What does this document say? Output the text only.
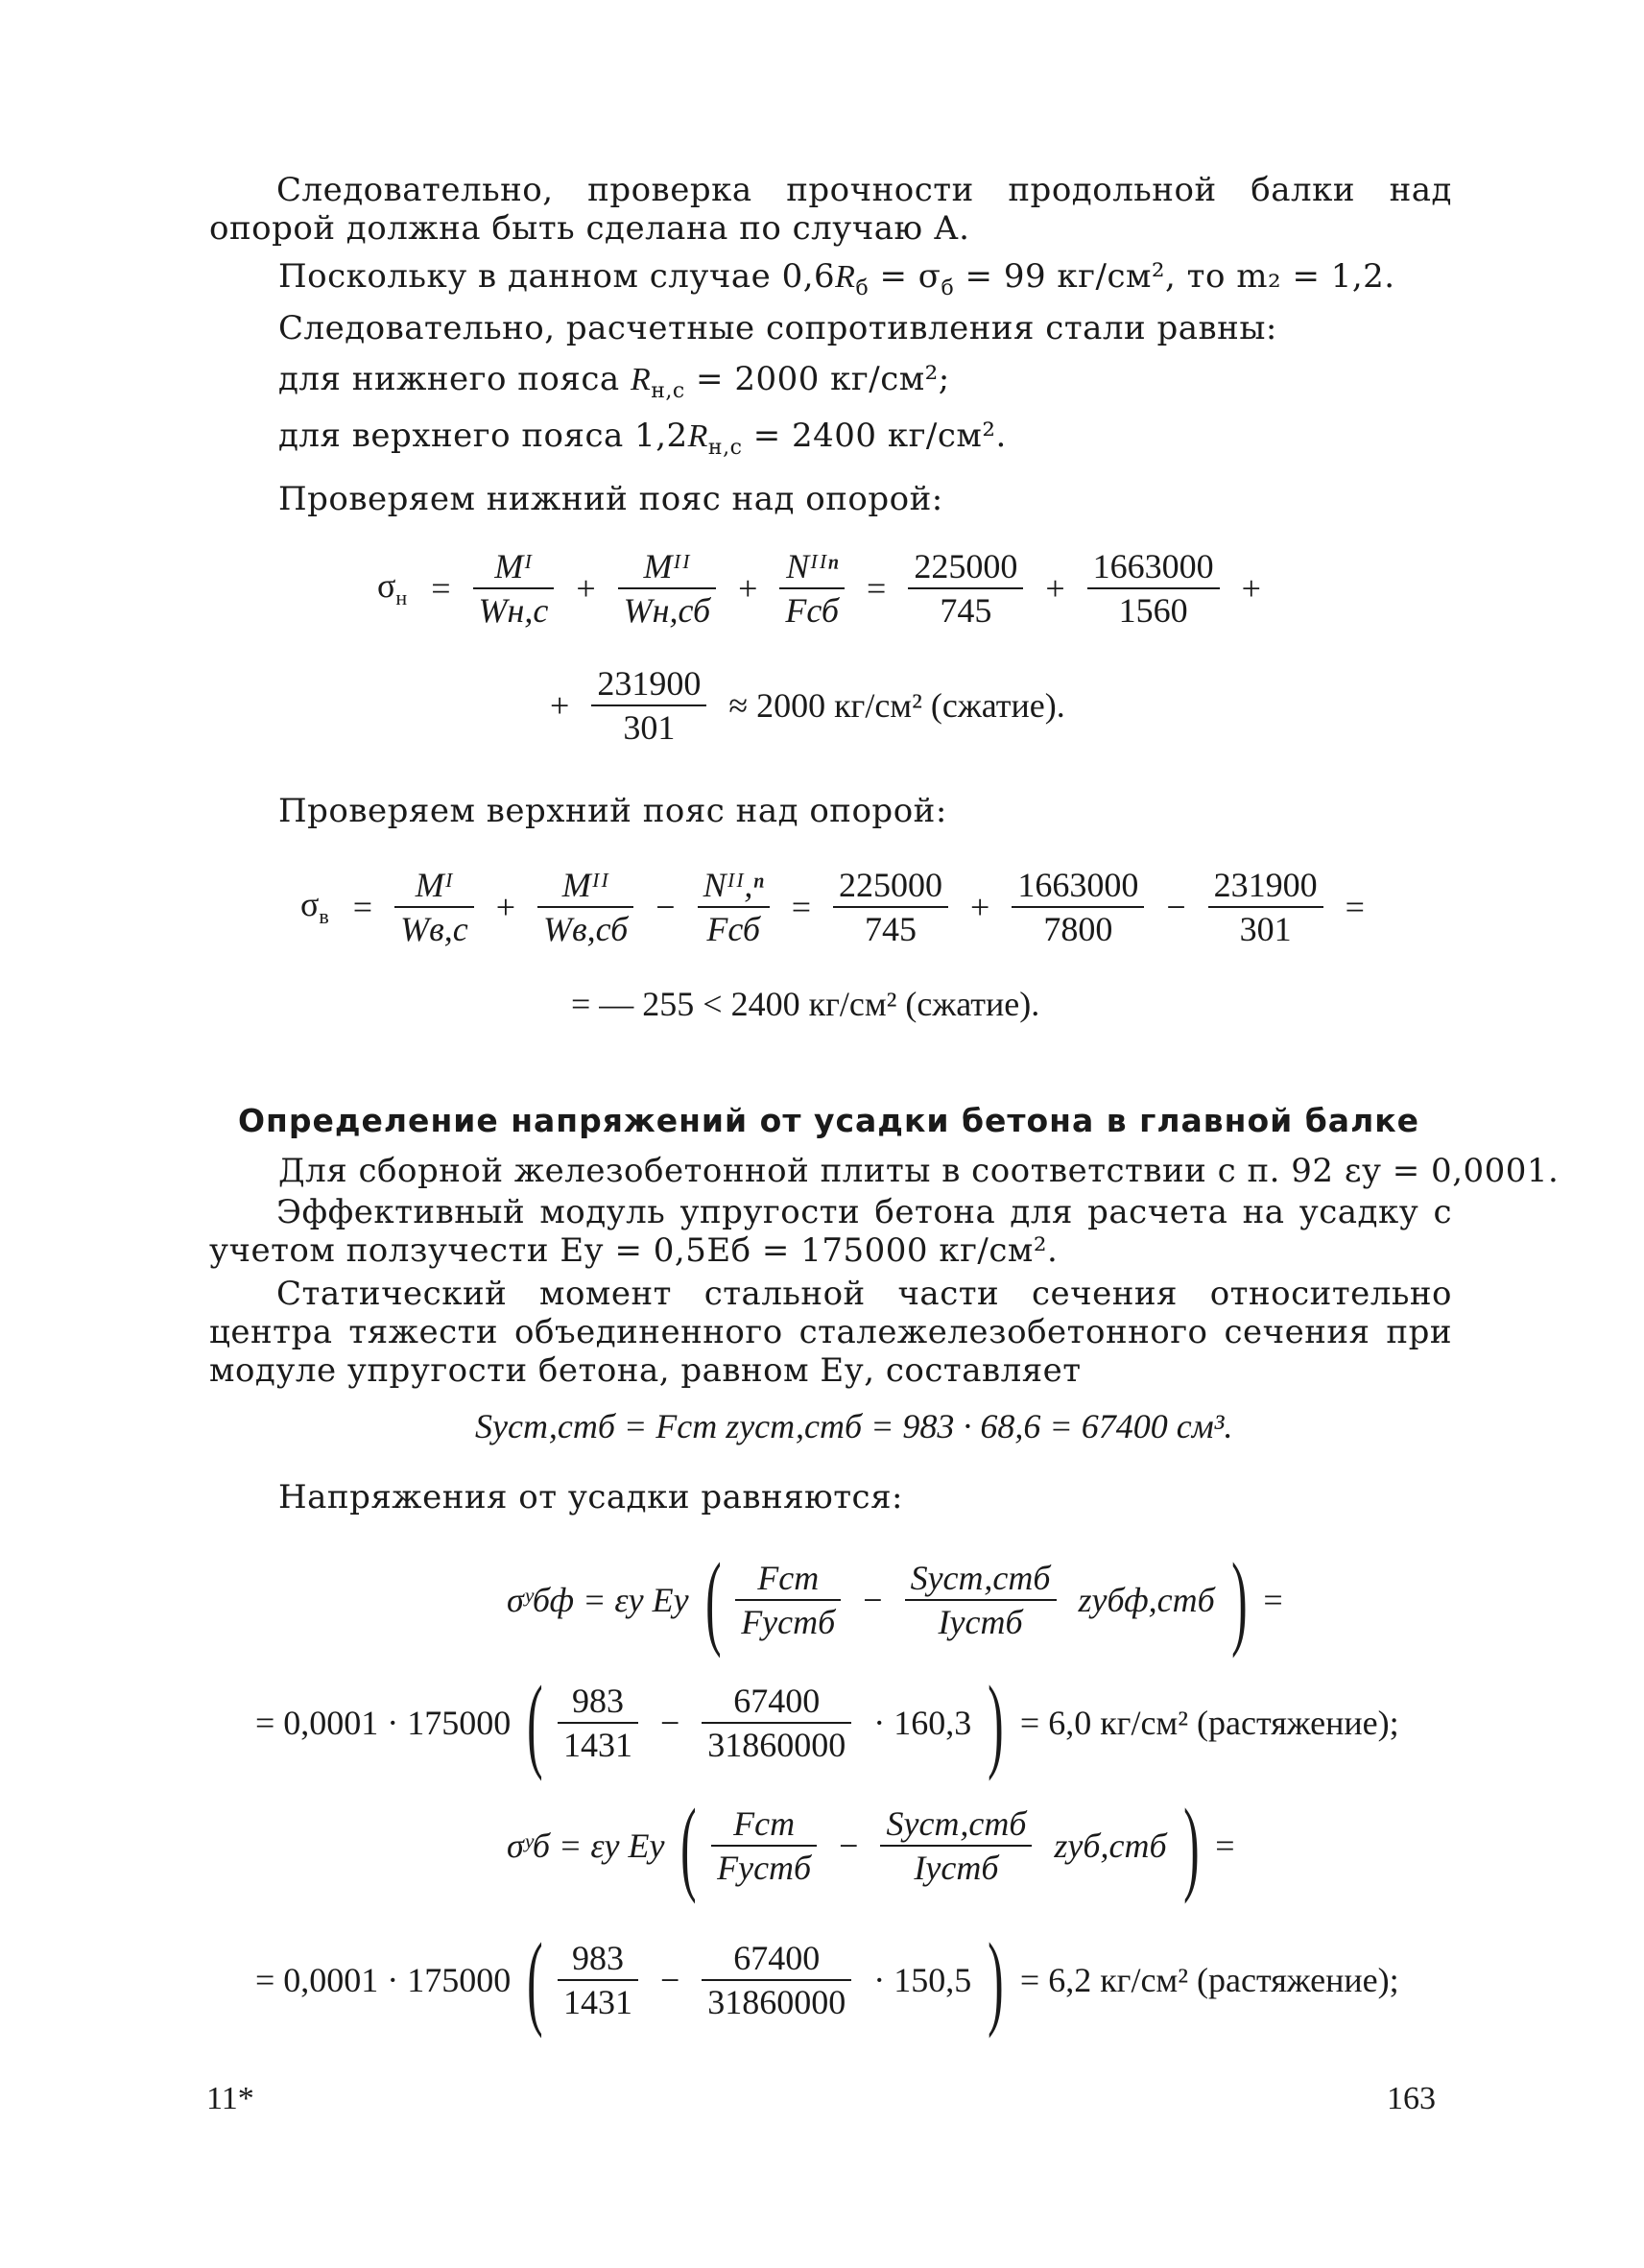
Следовательно, проверка прочности продольной балки над опорой должна быть сделана по случаю А.
Поскольку в данном случае $0,6R_б = \sigma_б = 99$ кг/см², то m₂ = 1,2.
Следовательно, расчетные сопротивления стали равны:
для нижнего пояса $R_{н,с} = 2000$ кг/см²;
для верхнего пояса $1,2R_{н,с} = 2400$ кг/см².
Проверяем нижний пояс над опорой:
$\sigma_н = \frac{\text{Mᴵ}}{Wн,с} + \frac{\text{Mᴵᴵ}}{Wн,сб} + \frac{\text{Nᴵᴵⁿ}}{\text{Fсб}} = \frac{225000}{745} + \frac{1663000}{1560}$ +
+ $\frac{231900}{301} \approx 2000$ кг/см² (сжатие).
Проверяем верхний пояс над опорой:
$\sigma_в = \frac{\text{Mᴵ}}{Wв,с} + \frac{\text{Mᴵᴵ}}{Wв,сб} - \frac{\text{Nᴵᴵ,ⁿ}}{\text{Fсб}} = \frac{225000}{745} + \frac{1663000}{7800} - \frac{231900}{301}$ =
= — 255 < 2400 кг/см² (сжатие).
Определение напряжений от усадки бетона в главной балке
Для сборной железобетонной плиты в соответствии с п. 92 εу = 0,0001.
Эффективный модуль упругости бетона для расчета на усадку с учетом ползучести Eу = 0,5Eб = 175000 кг/см².
Статический момент стальной части сечения относительно центра тяжести объединенного сталежелезобетонного сечения при модуле упругости бетона, равном Eу, составляет
Sуст,стб = Fст zуст,стб = 983 · 68,6 = 67400 см³.
Напряжения от усадки равняются:
σʸбф = εу Eу ( $\frac{\text{Fст}}{\text{Fустб}} - \frac{\text{Sуст,стб}}{\text{Iустб}}$ zубф,стб ) =
= 0,0001 · 175000 ( $\frac{983}{1431} - \frac{67400}{31860000} \cdot 160,3$ ) = 6,0 кг/см² (растяжение);
σʸб = εу Eу ( $\frac{\text{Fст}}{\text{Fустб}} - \frac{\text{Sуст,стб}}{\text{Iустб}} zуб,стб$ ) =
= 0,0001 · 175000 ( $\frac{983}{1431} - \frac{67400}{31860000} \cdot 150,5$ ) = 6,2 кг/см² (растяжение);
11*	163
